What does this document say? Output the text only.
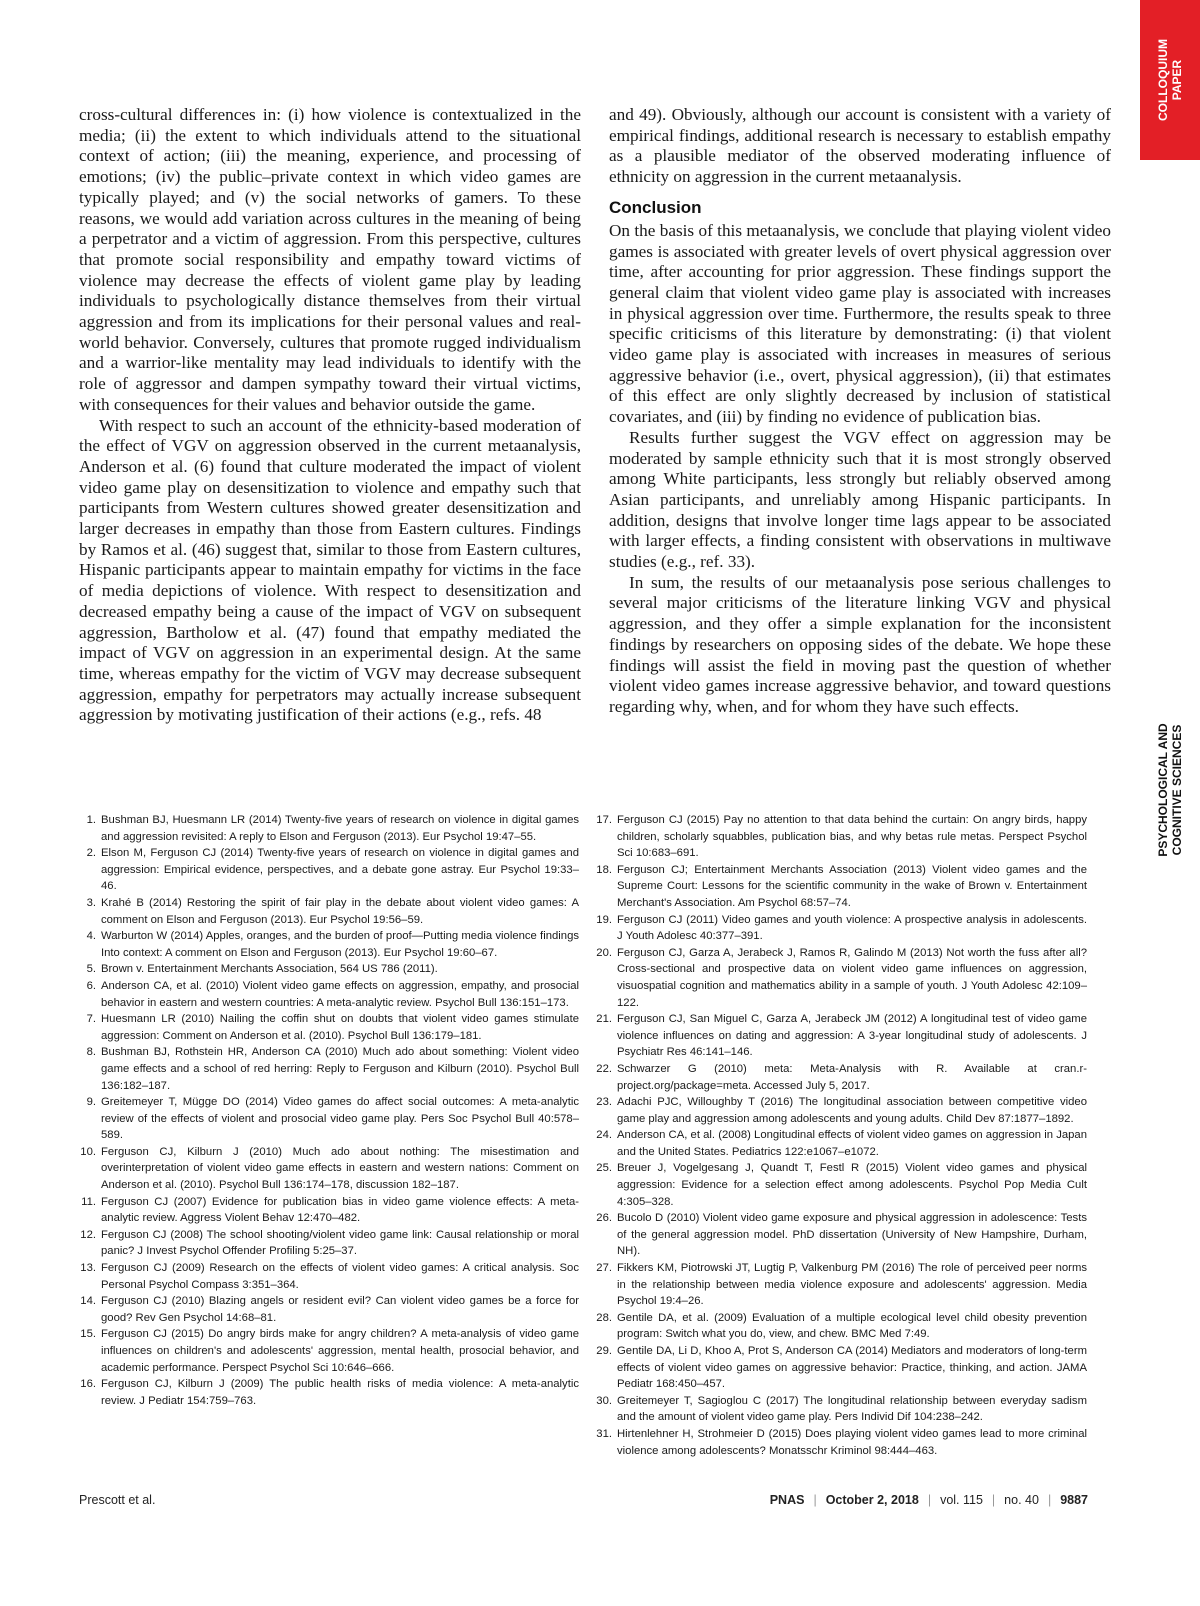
COLLOQUIUM PAPER
PSYCHOLOGICAL AND COGNITIVE SCIENCES

cross-cultural differences in: (i) how violence is contextualized in the media; (ii) the extent to which individuals attend to the situational context of action; (iii) the meaning, experience, and processing of emotions; (iv) the public–private context in which video games are typically played; and (v) the social networks of gamers. To these reasons, we would add variation across cultures in the meaning of being a perpetrator and a victim of aggression. From this perspective, cultures that promote social responsibility and empathy toward victims of violence may decrease the effects of violent game play by leading individuals to psychologically distance themselves from their virtual aggression and from its implications for their personal values and real-world behavior. Conversely, cultures that promote rugged individualism and a warrior-like mentality may lead individuals to identify with the role of aggressor and dampen sympathy toward their virtual victims, with consequences for their values and behavior outside the game.

With respect to such an account of the ethnicity-based moderation of the effect of VGV on aggression observed in the current metaanalysis, Anderson et al. (6) found that culture moderated the impact of violent video game play on desensitization to violence and empathy such that participants from Western cultures showed greater desensitization and larger decreases in empathy than those from Eastern cultures. Findings by Ramos et al. (46) suggest that, similar to those from Eastern cultures, Hispanic participants appear to maintain empathy for victims in the face of media depictions of violence. With respect to desensitization and decreased empathy being a cause of the impact of VGV on subsequent aggression, Bartholow et al. (47) found that empathy mediated the impact of VGV on aggression in an experimental design. At the same time, whereas empathy for the victim of VGV may decrease subsequent aggression, empathy for perpetrators may actually increase subsequent aggression by motivating justification of their actions (e.g., refs. 48

and 49). Obviously, although our account is consistent with a variety of empirical findings, additional research is necessary to establish empathy as a plausible mediator of the observed moderating influence of ethnicity on aggression in the current metaanalysis.

Conclusion

On the basis of this metaanalysis, we conclude that playing violent video games is associated with greater levels of overt physical aggression over time, after accounting for prior aggression. These findings support the general claim that violent video game play is associated with increases in physical aggression over time. Furthermore, the results speak to three specific criticisms of this literature by demonstrating: (i) that violent video game play is associated with increases in measures of serious aggressive behavior (i.e., overt, physical aggression), (ii) that estimates of this effect are only slightly decreased by inclusion of statistical covariates, and (iii) by finding no evidence of publication bias.

Results further suggest the VGV effect on aggression may be moderated by sample ethnicity such that it is most strongly observed among White participants, less strongly but reliably observed among Asian participants, and unreliably among Hispanic participants. In addition, designs that involve longer time lags appear to be associated with larger effects, a finding consistent with observations in multiwave studies (e.g., ref. 33).

In sum, the results of our metaanalysis pose serious challenges to several major criticisms of the literature linking VGV and physical aggression, and they offer a simple explanation for the inconsistent findings by researchers on opposing sides of the debate. We hope these findings will assist the field in moving past the question of whether violent video games increase aggressive behavior, and toward questions regarding why, when, and for whom they have such effects.

1. Bushman BJ, Huesmann LR (2014) Twenty-five years of research on violence in digital games and aggression revisited: A reply to Elson and Ferguson (2013). Eur Psychol 19:47–55.
2. Elson M, Ferguson CJ (2014) Twenty-five years of research on violence in digital games and aggression: Empirical evidence, perspectives, and a debate gone astray. Eur Psychol 19:33–46.
3. Krahé B (2014) Restoring the spirit of fair play in the debate about violent video games: A comment on Elson and Ferguson (2013). Eur Psychol 19:56–59.
4. Warburton W (2014) Apples, oranges, and the burden of proof—Putting media violence findings Into context: A comment on Elson and Ferguson (2013). Eur Psychol 19:60–67.
5. Brown v. Entertainment Merchants Association, 564 US 786 (2011).
6. Anderson CA, et al. (2010) Violent video game effects on aggression, empathy, and prosocial behavior in eastern and western countries: A meta-analytic review. Psychol Bull 136:151–173.
7. Huesmann LR (2010) Nailing the coffin shut on doubts that violent video games stimulate aggression: Comment on Anderson et al. (2010). Psychol Bull 136:179–181.
8. Bushman BJ, Rothstein HR, Anderson CA (2010) Much ado about something: Violent video game effects and a school of red herring: Reply to Ferguson and Kilburn (2010). Psychol Bull 136:182–187.
9. Greitemeyer T, Mügge DO (2014) Video games do affect social outcomes: A meta-analytic review of the effects of violent and prosocial video game play. Pers Soc Psychol Bull 40:578–589.
10. Ferguson CJ, Kilburn J (2010) Much ado about nothing: The misestimation and overinterpretation of violent video game effects in eastern and western nations: Comment on Anderson et al. (2010). Psychol Bull 136:174–178, discussion 182–187.
11. Ferguson CJ (2007) Evidence for publication bias in video game violence effects: A meta-analytic review. Aggress Violent Behav 12:470–482.
12. Ferguson CJ (2008) The school shooting/violent video game link: Causal relationship or moral panic? J Invest Psychol Offender Profiling 5:25–37.
13. Ferguson CJ (2009) Research on the effects of violent video games: A critical analysis. Soc Personal Psychol Compass 3:351–364.
14. Ferguson CJ (2010) Blazing angels or resident evil? Can violent video games be a force for good? Rev Gen Psychol 14:68–81.
15. Ferguson CJ (2015) Do angry birds make for angry children? A meta-analysis of video game influences on children's and adolescents' aggression, mental health, prosocial behavior, and academic performance. Perspect Psychol Sci 10:646–666.
16. Ferguson CJ, Kilburn J (2009) The public health risks of media violence: A meta-analytic review. J Pediatr 154:759–763.
17. Ferguson CJ (2015) Pay no attention to that data behind the curtain: On angry birds, happy children, scholarly squabbles, publication bias, and why betas rule metas. Perspect Psychol Sci 10:683–691.
18. Ferguson CJ; Entertainment Merchants Association (2013) Violent video games and the Supreme Court: Lessons for the scientific community in the wake of Brown v. Entertainment Merchant's Association. Am Psychol 68:57–74.
19. Ferguson CJ (2011) Video games and youth violence: A prospective analysis in adolescents. J Youth Adolesc 40:377–391.
20. Ferguson CJ, Garza A, Jerabeck J, Ramos R, Galindo M (2013) Not worth the fuss after all? Cross-sectional and prospective data on violent video game influences on aggression, visuospatial cognition and mathematics ability in a sample of youth. J Youth Adolesc 42:109–122.
21. Ferguson CJ, San Miguel C, Garza A, Jerabeck JM (2012) A longitudinal test of video game violence influences on dating and aggression: A 3-year longitudinal study of adolescents. J Psychiatr Res 46:141–146.
22. Schwarzer G (2010) meta: Meta-Analysis with R. Available at cran.r-project.org/package=meta. Accessed July 5, 2017.
23. Adachi PJC, Willoughby T (2016) The longitudinal association between competitive video game play and aggression among adolescents and young adults. Child Dev 87:1877–1892.
24. Anderson CA, et al. (2008) Longitudinal effects of violent video games on aggression in Japan and the United States. Pediatrics 122:e1067–e1072.
25. Breuer J, Vogelgesang J, Quandt T, Festl R (2015) Violent video games and physical aggression: Evidence for a selection effect among adolescents. Psychol Pop Media Cult 4:305–328.
26. Bucolo D (2010) Violent video game exposure and physical aggression in adolescence: Tests of the general aggression model. PhD dissertation (University of New Hampshire, Durham, NH).
27. Fikkers KM, Piotrowski JT, Lugtig P, Valkenburg PM (2016) The role of perceived peer norms in the relationship between media violence exposure and adolescents' aggression. Media Psychol 19:4–26.
28. Gentile DA, et al. (2009) Evaluation of a multiple ecological level child obesity prevention program: Switch what you do, view, and chew. BMC Med 7:49.
29. Gentile DA, Li D, Khoo A, Prot S, Anderson CA (2014) Mediators and moderators of long-term effects of violent video games on aggressive behavior: Practice, thinking, and action. JAMA Pediatr 168:450–457.
30. Greitemeyer T, Sagioglou C (2017) The longitudinal relationship between everyday sadism and the amount of violent video game play. Pers Individ Dif 104:238–242.
31. Hirtenlehner H, Strohmeier D (2015) Does playing violent video games lead to more criminal violence among adolescents? Monatsschr Kriminol 98:444–463.
Prescott et al.	PNAS | October 2, 2018 | vol. 115 | no. 40 | 9887
